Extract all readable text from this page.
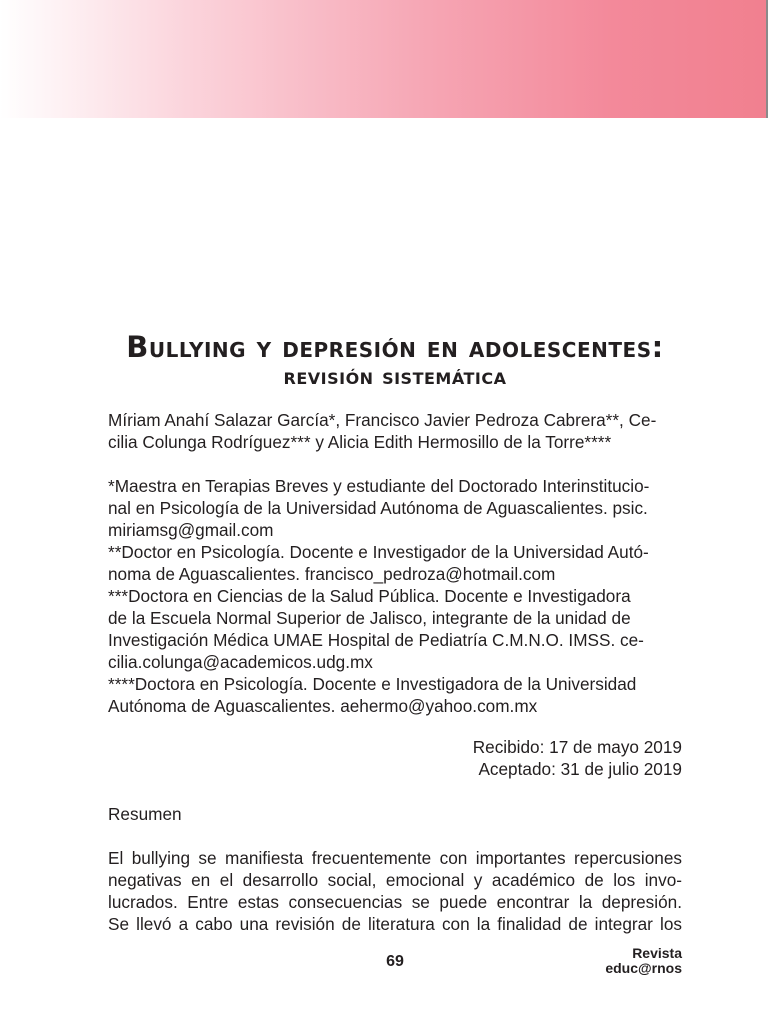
Bullying y depresión en adolescentes:
revisión sistemática

Míriam Anahí Salazar García*, Francisco Javier Pedroza Cabrera**, Ce-

cilia Colunga Rodríguez*** y Alicia Edith Hermosillo de la Torre****

*Maestra en Terapias Breves y estudiante del Doctorado Interinstitucio-

nal en Psicología de la Universidad Autónoma de Aguascalientes. psic.

miriamsg@gmail.com

**Doctor en Psicología. Docente e Investigador de la Universidad Autó-

noma de Aguascalientes. francisco_pedroza@hotmail.com

***Doctora en Ciencias de la Salud Pública. Docente e Investigadora

de la Escuela Normal Superior de Jalisco, integrante de la unidad de

Investigación Médica UMAE Hospital de Pediatría C.M.N.O. IMSS. ce-

cilia.colunga@academicos.udg.mx

****Doctora en Psicología. Docente e Investigadora de la Universidad

Autónoma de Aguascalientes. aehermo@yahoo.com.mx

Recibido: 17 de mayo 2019

Aceptado: 31 de julio 2019

Resumen

El bullying se manifiesta frecuentemente con importantes repercusiones

negativas en el desarrollo social, emocional y académico de los invo-

lucrados. Entre estas consecuencias se puede encontrar la depresión.

Se llevó a cabo una revisión de literatura con la finalidad de integrar los

69	Revista
educ@rnos
